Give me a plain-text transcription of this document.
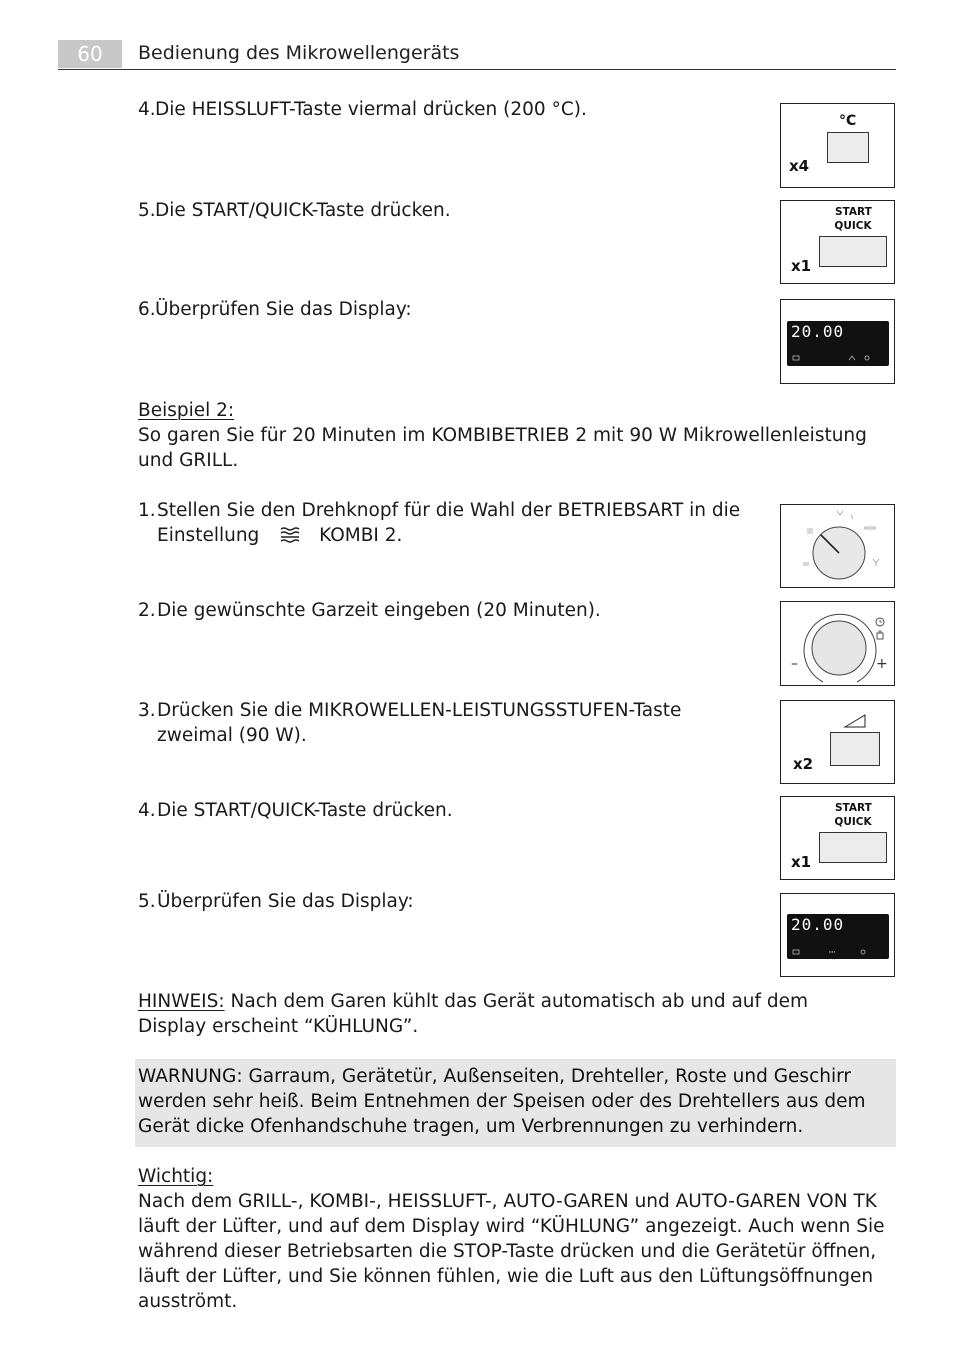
60	Bedienung des Mikrowellengeräts
4. Die HEISSLUFT-Taste viermal drücken (200 °C).
5. Die START/QUICK-Taste drücken.
6. Überprüfen Sie das Display:
°C
x4
START
QUICK
x1
20.00
Beispiel 2:
So garen Sie für 20 Minuten im KOMBIBETRIEB 2 mit 90 W Mikrowellenleistung und GRILL.
1. Stellen Sie den Drehknopf für die Wahl der BETRIEBSART in die
Einstellung	KOMBI 2.
2. Die gewünschte Garzeit eingeben (20 Minuten).
3. Drücken Sie die MIKROWELLEN-LEISTUNGSSTUFEN-Taste zweimal (90 W).
4. Die START/QUICK-Taste drücken.
5. Überprüfen Sie das Display:
–	+
x2
START
QUICK
x1
20.00
HINWEIS: Nach dem Garen kühlt das Gerät automatisch ab und auf dem Display erscheint “KÜHLUNG”.
WARNUNG: Garraum, Gerätetür, Außenseiten, Drehteller, Roste und Geschirr werden sehr heiß. Beim Entnehmen der Speisen oder des Drehtellers aus dem Gerät dicke Ofenhandschuhe tragen, um Verbrennungen zu verhindern.
Wichtig:
Nach dem GRILL-, KOMBI-, HEISSLUFT-, AUTO-GAREN und AUTO-GAREN VON TK läuft der Lüfter, und auf dem Display wird “KÜHLUNG” angezeigt. Auch wenn Sie während dieser Betriebsarten die STOP-Taste drücken und die Gerätetür öffnen, läuft der Lüfter, und Sie können fühlen, wie die Luft aus den Lüftungsöffnungen ausströmt.
